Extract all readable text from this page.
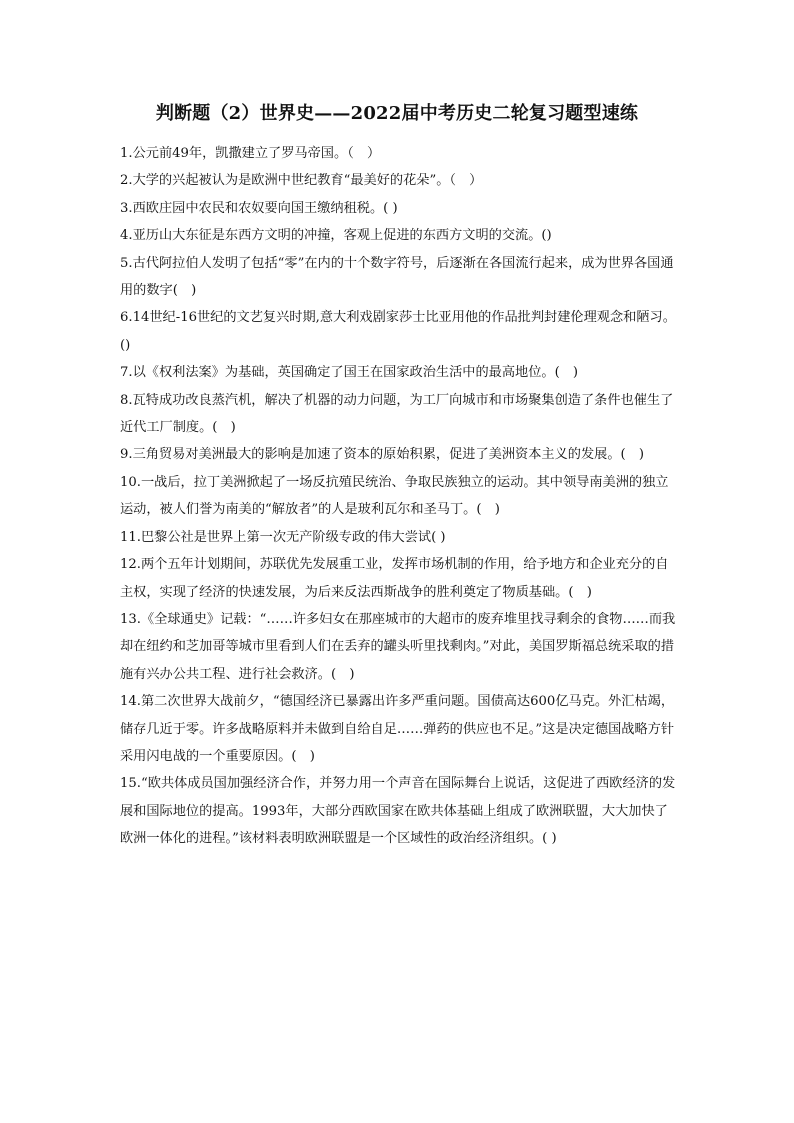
判断题（2）世界史——2022届中考历史二轮复习题型速练
1.公元前49年，凯撒建立了罗马帝国。（　）
2.大学的兴起被认为是欧洲中世纪教育“最美好的花朵”。（　）
3.西欧庄园中农民和农奴要向国王缴纳租税。( )
4.亚历山大东征是东西方文明的冲撞，客观上促进的东西方文明的交流。()
5.古代阿拉伯人发明了包括“零”在内的十个数字符号，后逐渐在各国流行起来，成为世界各国通用的数字(　)
6.14世纪-16世纪的文艺复兴时期,意大利戏剧家莎士比亚用他的作品批判封建伦理观念和陋习。()
7.以《权利法案》为基础，英国确定了国王在国家政治生活中的最高地位。(　)
8.瓦特成功改良蒸汽机，解决了机器的动力问题，为工厂向城市和市场聚集创造了条件也催生了近代工厂制度。(　)
9.三角贸易对美洲最大的影响是加速了资本的原始积累，促进了美洲资本主义的发展。(　)
10.一战后，拉丁美洲掀起了一场反抗殖民统治、争取民族独立的运动。其中领导南美洲的独立运动，被人们誉为南美的“解放者”的人是玻利瓦尔和圣马丁。(　)
11.巴黎公社是世界上第一次无产阶级专政的伟大尝试( )
12.两个五年计划期间，苏联优先发展重工业，发挥市场机制的作用，给予地方和企业充分的自主权，实现了经济的快速发展，为后来反法西斯战争的胜利奠定了物质基础。(　)
13.《全球通史》记载：“……许多妇女在那座城市的大超市的废弃堆里找寻剩余的食物……而我却在纽约和芝加哥等城市里看到人们在丢弃的罐头听里找剩肉。”对此，美国罗斯福总统采取的措施有兴办公共工程、进行社会救济。(　)
14.第二次世界大战前夕，“德国经济已暴露出许多严重问题。国债高达600亿马克。外汇枯竭，储存几近于零。许多战略原料并未做到自给自足……弹药的供应也不足。”这是决定德国战略方针采用闪电战的一个重要原因。(　)
15.“欧共体成员国加强经济合作，并努力用一个声音在国际舞台上说话，这促进了西欧经济的发展和国际地位的提高。1993年，大部分西欧国家在欧共体基础上组成了欧洲联盟，大大加快了欧洲一体化的进程。”该材料表明欧洲联盟是一个区域性的政治经济组织。( )
